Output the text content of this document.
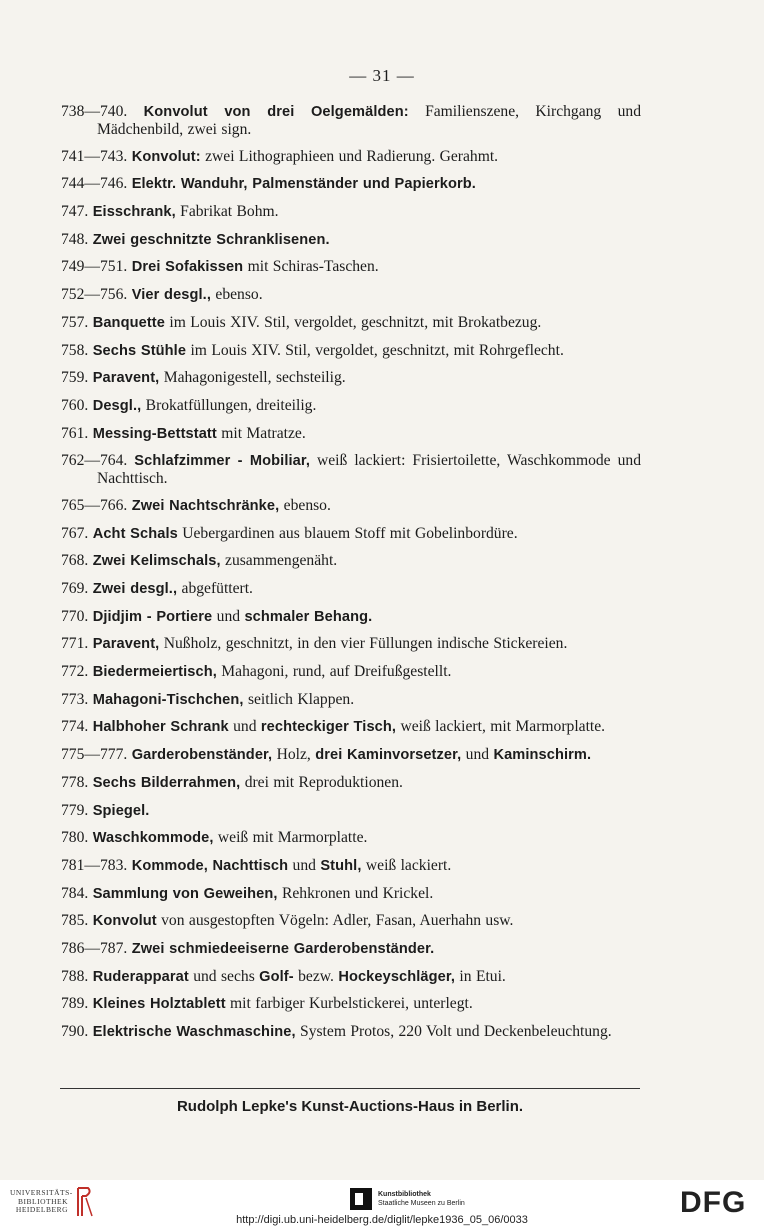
— 31 —
738—740. Konvolut von drei Oelgemälden: Familienszene, Kirchgang und Mädchenbild, zwei sign.
741—743. Konvolut: zwei Lithographieen und Radierung. Gerahmt.
744—746. Elektr. Wanduhr, Palmenständer und Papierkorb.
747. Eisschrank, Fabrikat Bohm.
748. Zwei geschnitzte Schranklisenen.
749—751. Drei Sofakissen mit Schiras-Taschen.
752—756. Vier desgl., ebenso.
757. Banquette im Louis XIV. Stil, vergoldet, geschnitzt, mit Brokatbezug.
758. Sechs Stühle im Louis XIV. Stil, vergoldet, geschnitzt, mit Rohrgeflecht.
759. Paravent, Mahagonigestell, sechsteilig.
760. Desgl., Brokatfüllungen, dreiteilig.
761. Messing-Bettstatt mit Matratze.
762—764. Schlafzimmer - Mobiliar, weiß lackiert: Frisiertoilette, Waschkommode und Nachttisch.
765—766. Zwei Nachtschränke, ebenso.
767. Acht Schals Uebergardinen aus blauem Stoff mit Gobelinbordüre.
768. Zwei Kelimschals, zusammengenäht.
769. Zwei desgl., abgefüttert.
770. Djidjim - Portiere und schmaler Behang.
771. Paravent, Nußholz, geschnitzt, in den vier Füllungen indische Stickereien.
772. Biedermeiertisch, Mahagoni, rund, auf Dreifußgestellt.
773. Mahagoni-Tischchen, seitlich Klappen.
774. Halbhoher Schrank und rechteckiger Tisch, weiß lackiert, mit Marmorplatte.
775—777. Garderobenständer, Holz, drei Kaminvorsetzer, und Kaminschirm.
778. Sechs Bilderrahmen, drei mit Reproduktionen.
779. Spiegel.
780. Waschkommode, weiß mit Marmorplatte.
781—783. Kommode, Nachttisch und Stuhl, weiß lackiert.
784. Sammlung von Geweihen, Rehkronen und Krickel.
785. Konvolut von ausgestopften Vögeln: Adler, Fasan, Auerhahn usw.
786—787. Zwei schmiedeeiserne Garderobenständer.
788. Ruderapparat und sechs Golf- bezw. Hockeyschläger, in Etui.
789. Kleines Holztablett mit farbiger Kurbelstickerei, unterlegt.
790. Elektrische Waschmaschine, System Protos, 220 Volt und Deckenbeleuchtung.
Rudolph Lepke's Kunst-Auctions-Haus in Berlin.
UNIVERSITÄTS- BIBLIOTHEK HEIDELBERG
Kunstbibliothek
Staatliche Museen zu Berlin	DFG
http://digi.ub.uni-heidelberg.de/diglit/lepke1936_05_06/0033
